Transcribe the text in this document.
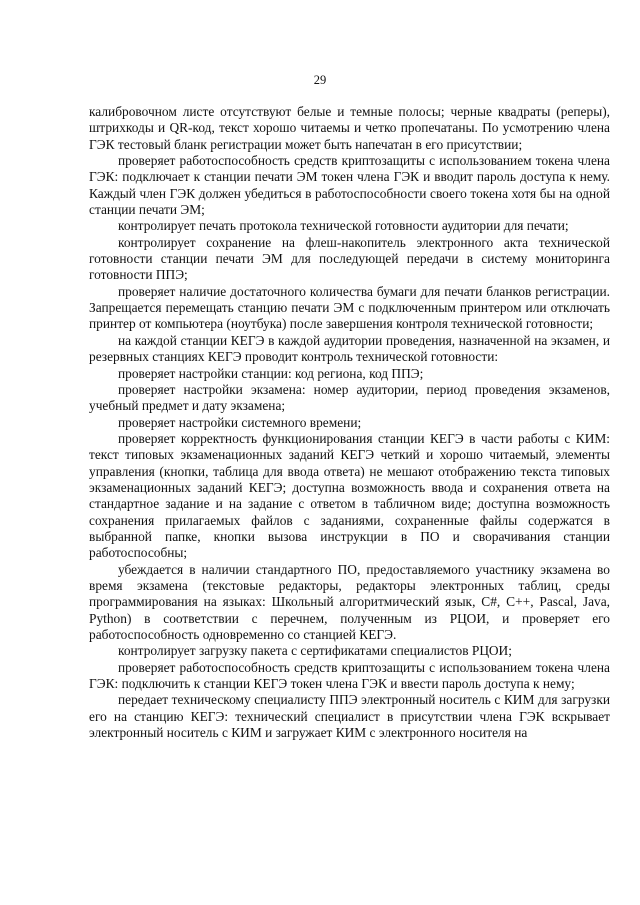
29

калибровочном листе отсутствуют белые и темные полосы; черные квадраты (реперы), штрихкоды и QR-код, текст хорошо читаемы и четко пропечатаны. По усмотрению члена ГЭК тестовый бланк регистрации может быть напечатан в его присутствии;

проверяет работоспособность средств криптозащиты с использованием токена члена ГЭК: подключает к станции печати ЭМ токен члена ГЭК и вводит пароль доступа к нему. Каждый член ГЭК должен убедиться в работоспособности своего токена хотя бы на одной станции печати ЭМ;

контролирует печать протокола технической готовности аудитории для печати;

контролирует сохранение на флеш-накопитель электронного акта технической готовности станции печати ЭМ для последующей передачи в систему мониторинга готовности ППЭ;

проверяет наличие достаточного количества бумаги для печати бланков регистрации. Запрещается перемещать станцию печати ЭМ с подключенным принтером или отключать принтер от компьютера (ноутбука) после завершения контроля технической готовности;

на каждой станции КЕГЭ в каждой аудитории проведения, назначенной на экзамен, и резервных станциях КЕГЭ проводит контроль технической готовности:

проверяет настройки станции: код региона, код ППЭ;

проверяет настройки экзамена: номер аудитории, период проведения экзаменов, учебный предмет и дату экзамена;

проверяет настройки системного времени;

проверяет корректность функционирования станции КЕГЭ в части работы с КИМ: текст типовых экзаменационных заданий КЕГЭ четкий и хорошо читаемый, элементы управления (кнопки, таблица для ввода ответа) не мешают отображению текста типовых экзаменационных заданий КЕГЭ; доступна возможность ввода и сохранения ответа на стандартное задание и на задание с ответом в табличном виде; доступна возможность сохранения прилагаемых файлов с заданиями, сохраненные файлы содержатся в выбранной папке, кнопки вызова инструкции в ПО и сворачивания станции работоспособны;

убеждается в наличии стандартного ПО, предоставляемого участнику экзамена во время экзамена (текстовые редакторы, редакторы электронных таблиц, среды программирования на языках: Школьный алгоритмический язык, C#, C++, Pascal, Java, Python) в соответствии с перечнем, полученным из РЦОИ, и проверяет его работоспособность одновременно со станцией КЕГЭ.

контролирует загрузку пакета с сертификатами специалистов РЦОИ;

проверяет работоспособность средств криптозащиты с использованием токена члена ГЭК: подключить к станции КЕГЭ токен члена ГЭК и ввести пароль доступа к нему;

передает техническому специалисту ППЭ электронный носитель с КИМ для загрузки его на станцию КЕГЭ: технический специалист в присутствии члена ГЭК вскрывает электронный носитель с КИМ и загружает КИМ с электронного носителя на
